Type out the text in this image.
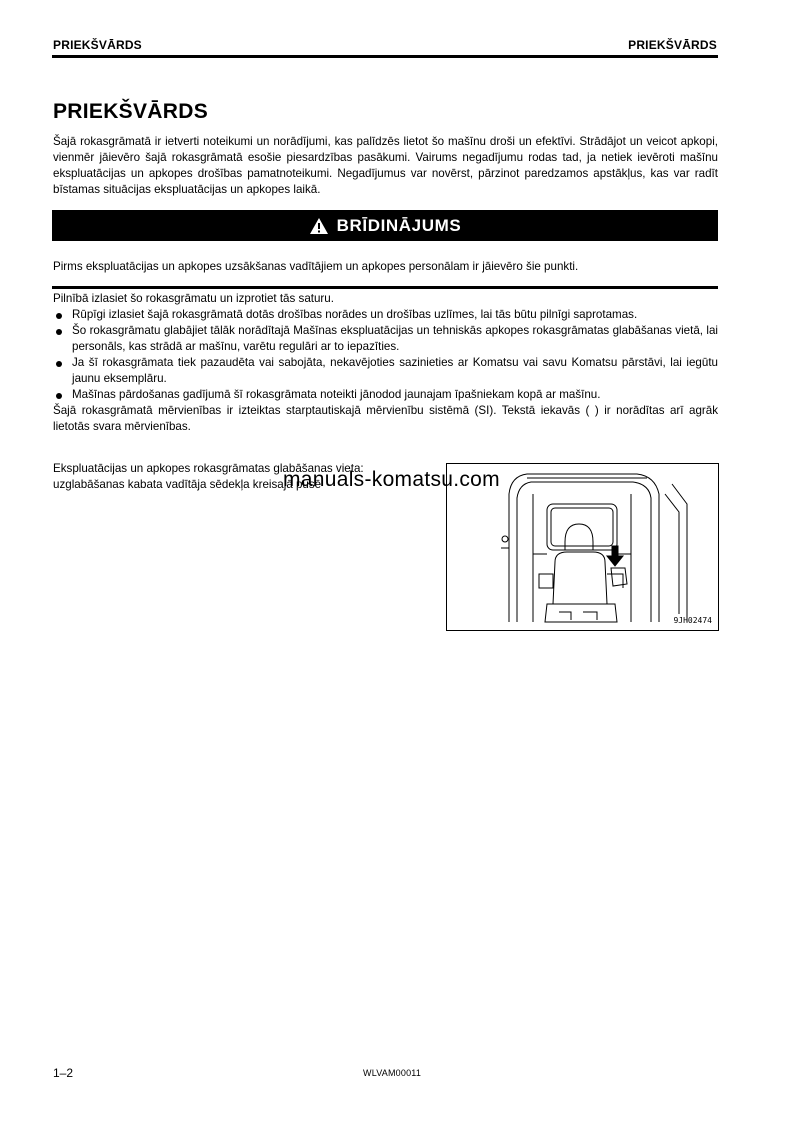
PRIEKŠVĀRDS	PRIEKŠVĀRDS
PRIEKŠVĀRDS
Šajā rokasgrāmatā ir ietverti noteikumi un norādījumi, kas palīdzēs lietot šo mašīnu droši un efektīvi. Strādājot un veicot apkopi, vienmēr jāievēro šajā rokasgrāmatā esošie piesardzības pasākumi. Vairums negadījumu rodas tad, ja netiek ievēroti mašīnu ekspluatācijas un apkopes drošības pamatnoteikumi. Negadījumus var novērst, pārzinot paredzamos apstākļus, kas var radīt bīstamas situācijas ekspluatācijas un apkopes laikā.
BRĪDINĀJUMS
Pirms ekspluatācijas un apkopes uzsākšanas vadītājiem un apkopes personālam ir jāievēro šie punkti.

Pilnībā izlasiet šo rokasgrāmatu un izprotiet tās saturu.

Rūpīgi izlasiet šajā rokasgrāmatā dotās drošības norādes un drošības uzlīmes, lai tās būtu pilnīgi saprotamas.

Šo rokasgrāmatu glabājiet tālāk norādītajā Mašīnas ekspluatācijas un tehniskās apkopes rokasgrāmatas glabāšanas vietā, lai personāls, kas strādā ar mašīnu, varētu regulāri ar to iepazīties.

Ja šī rokasgrāmata tiek pazaudēta vai sabojāta, nekavējoties sazinieties ar Komatsu vai savu Komatsu pārstāvi, lai iegūtu jaunu eksemplāru.

Mašīnas pārdošanas gadījumā šī rokasgrāmata noteikti jānodod jaunajam īpašniekam kopā ar mašīnu.

Šajā rokasgrāmatā mērvienības ir izteiktas starptautiskajā mērvienību sistēmā (SI). Tekstā iekavās ( ) ir norādītas arī agrāk lietotās svara mērvienības.

Ekspluatācijas un apkopes rokasgrāmatas glabāšanas vieta:
uzglabāšanas kabata vadītāja sēdekļa kreisajā pusē
9JH02474
manuals-komatsu.com
1–2	WLVAM00011
